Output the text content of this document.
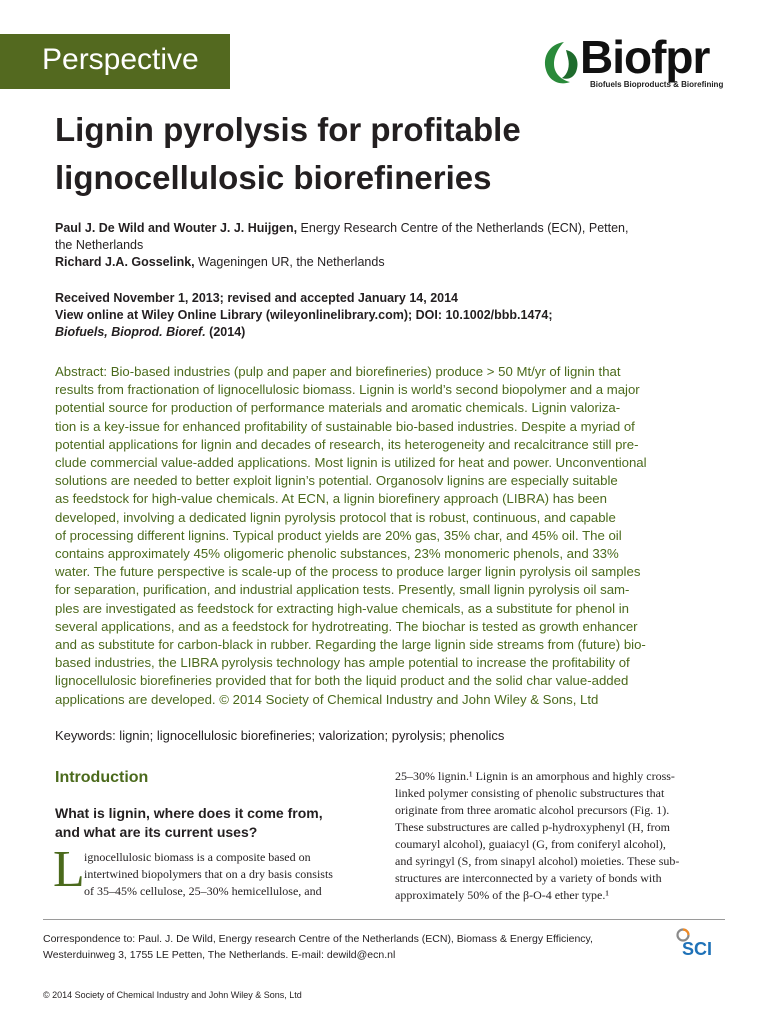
Perspective	Biofpr
Biofuels Bioproducts & Biorefining
Lignin pyrolysis for profitable
lignocellulosic biorefineries
Paul J. De Wild and Wouter J. J. Huijgen, Energy Research Centre of the Netherlands (ECN), Petten,
the Netherlands
Richard J.A. Gosselink, Wageningen UR, the Netherlands
Received November 1, 2013; revised and accepted January 14, 2014
View online at Wiley Online Library (wileyonlinelibrary.com); DOI: 10.1002/bbb.1474;
Biofuels, Bioprod. Bioref. (2014)
Abstract: Bio-based industries (pulp and paper and biorefineries) produce > 50 Mt/yr of lignin that
results from fractionation of lignocellulosic biomass. Lignin is world’s second biopolymer and a major
potential source for production of performance materials and aromatic chemicals. Lignin valoriza-
tion is a key-issue for enhanced profitability of sustainable bio-based industries. Despite a myriad of
potential applications for lignin and decades of research, its heterogeneity and recalcitrance still pre-
clude commercial value-added applications. Most lignin is utilized for heat and power. Unconventional
solutions are needed to better exploit lignin’s potential. Organosolv lignins are especially suitable
as feedstock for high-value chemicals. At ECN, a lignin biorefinery approach (LIBRA) has been
developed, involving a dedicated lignin pyrolysis protocol that is robust, continuous, and capable
of processing different lignins. Typical product yields are 20% gas, 35% char, and 45% oil. The oil
contains approximately 45% oligomeric phenolic substances, 23% monomeric phenols, and 33%
water. The future perspective is scale-up of the process to produce larger lignin pyrolysis oil samples
for separation, purification, and industrial application tests. Presently, small lignin pyrolysis oil sam-
ples are investigated as feedstock for extracting high-value chemicals, as a substitute for phenol in
several applications, and as a feedstock for hydrotreating. The biochar is tested as growth enhancer
and as substitute for carbon-black in rubber. Regarding the large lignin side streams from (future) bio-
based industries, the LIBRA pyrolysis technology has ample potential to increase the profitability of
lignocellulosic biorefineries provided that for both the liquid product and the solid char value-added
applications are developed. © 2014 Society of Chemical Industry and John Wiley & Sons, Ltd
Keywords: lignin; lignocellulosic biorefineries; valorization; pyrolysis; phenolics
Introduction
What is lignin, where does it come from,
and what are its current uses?
L ignocellulosic biomass is a composite based on
intertwined biopolymers that on a dry basis consists
of 35–45% cellulose, 25–30% hemicellulose, and
25–30% lignin.¹ Lignin is an amorphous and highly cross-
linked polymer consisting of phenolic substructures that
originate from three aromatic alcohol precursors (Fig. 1).
These substructures are called p-hydroxyphenyl (H, from
coumaryl alcohol), guaiacyl (G, from coniferyl alcohol),
and syringyl (S, from sinapyl alcohol) moieties. These sub-
structures are interconnected by a variety of bonds with
approximately 50% of the β-O-4 ether type.¹
Correspondence to: Paul. J. De Wild, Energy research Centre of the Netherlands (ECN), Biomass & Energy Efficiency,
Westerduinweg 3, 1755 LE Petten, The Netherlands. E-mail: dewild@ecn.nl	SCI
© 2014 Society of Chemical Industry and John Wiley & Sons, Ltd
